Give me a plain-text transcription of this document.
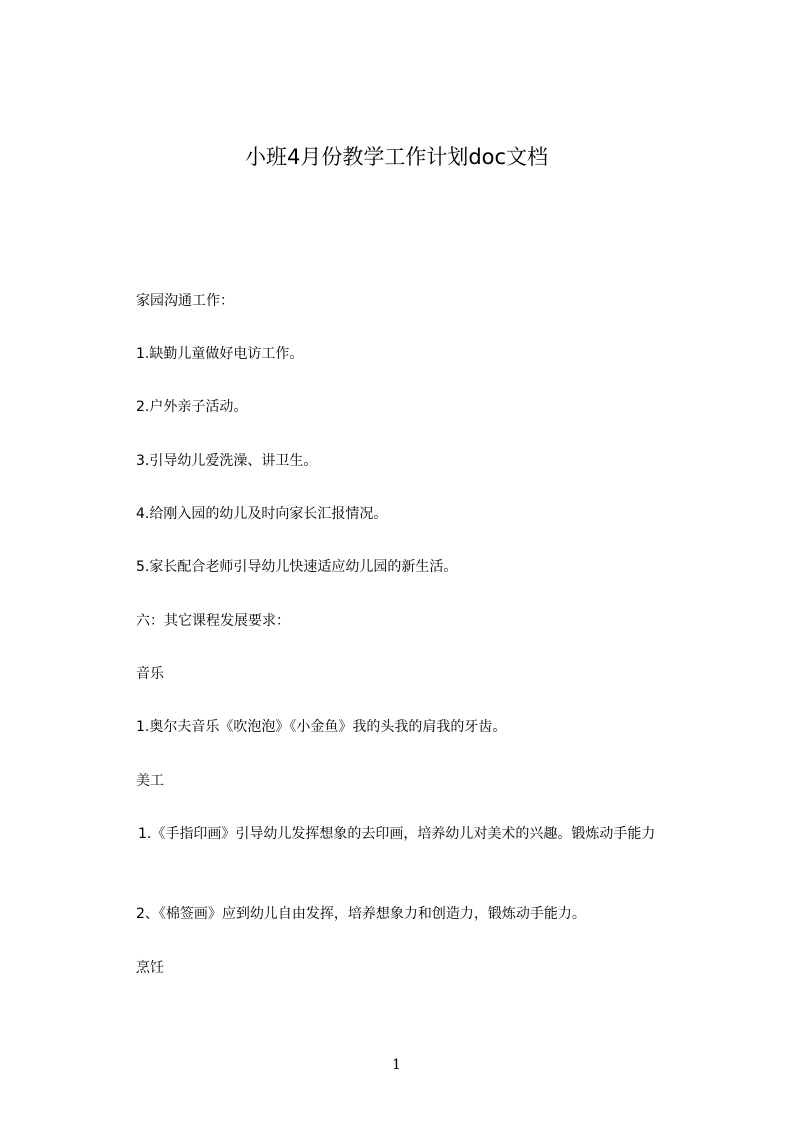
小班4月份教学工作计划doc文档
家园沟通工作：
1.缺勤儿童做好电访工作。
2.户外亲子活动。
3.引导幼儿爱洗澡、讲卫生。
4.给刚入园的幼儿及时向家长汇报情况。
5.家长配合老师引导幼儿快速适应幼儿园的新生活。
六：其它课程发展要求：
音乐
1.奥尔夫音乐《吹泡泡》《小金鱼》我的头我的肩我的牙齿。
美工
1.《手指印画》引导幼儿发挥想象的去印画，培养幼儿对美术的兴趣。锻炼动手能力
2、《棉签画》应到幼儿自由发挥，培养想象力和创造力，锻炼动手能力。
烹饪
1
